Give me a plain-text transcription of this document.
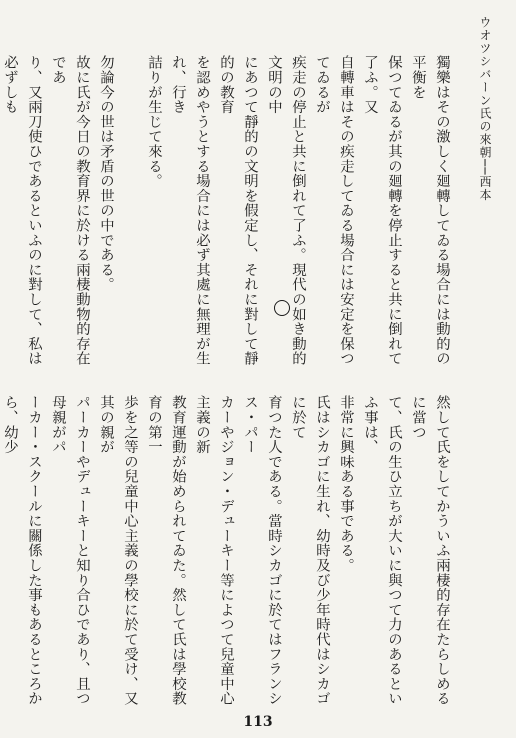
ウオツシバーン氏の來朝──西本

獨樂はその激しく廻轉してゐる場合には動的の平衡を
保つてゐるが其の廻轉を停止すると共に倒れて了ふ。又
自轉車はその疾走してゐる場合には安定を保つてゐるが
疾走の停止と共に倒れて了ふ。現代の如き動的文明の中
にあつて靜的の文明を假定し、それに對して靜的の教育
を認めやうとする場合には必ず其處に無理が生れ、行き
詰りが生じて來る。

勿論今の世は矛盾の世の中である。
故に氏が今日の教育界に於ける兩棲動物的存在であ
り、又兩刀使ひであるといふのに對して、私は必ずしも

然して氏をしてかういふ兩棲的存在たらしめるに當つ
て、氏の生ひ立ちが大いに與つて力のあるといふ事は、
非常に興味ある事である。

氏はシカゴに生れ、幼時及び少年時代はシカゴに於て
育つた人である。當時シカゴに於てはフランシス・パー
カーやジョン・デューキー等によつて兒童中心主義の新
教育運動が始められてゐた。然して氏は學校教育の第一
歩を之等の兒童中心主義の學校に於て受け、又其の親が
パーカーやデューキーと知り合ひであり、且つ母親がパ
ーカー・スクールに關係した事もあるところから、幼少

113
